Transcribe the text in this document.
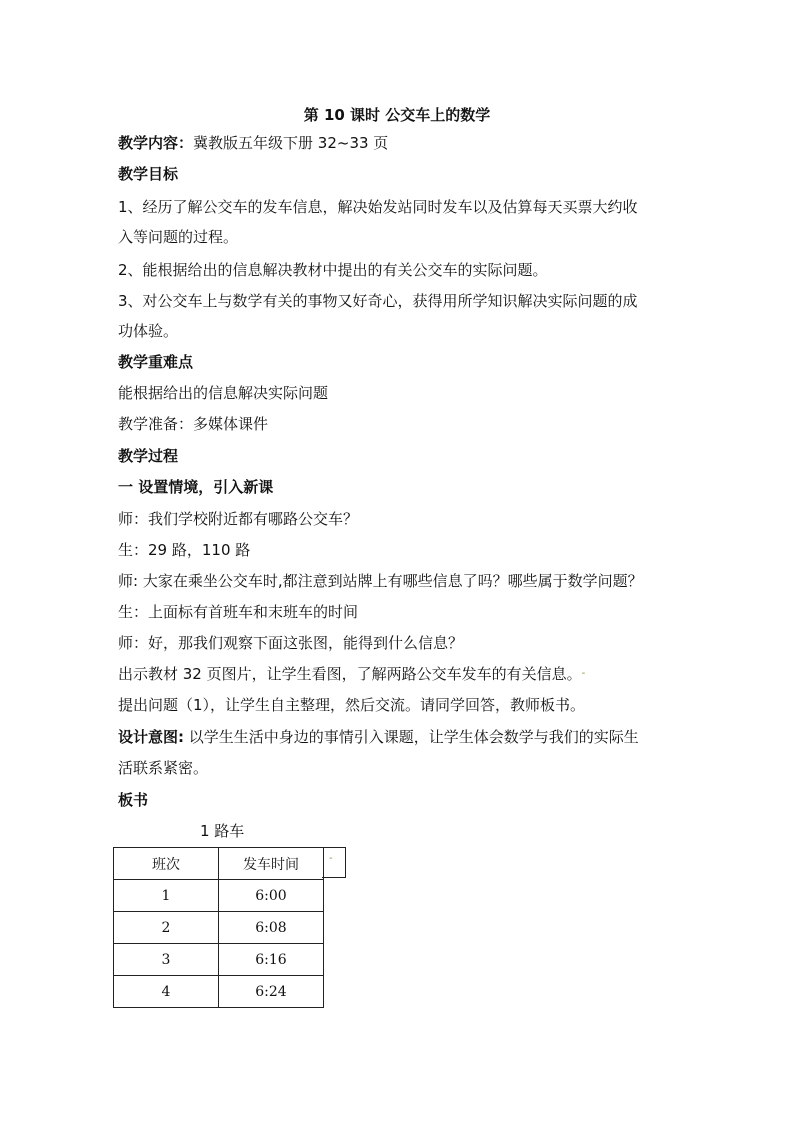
第 10 课时 公交车上的数学
教学内容：冀教版五年级下册 32~33 页
教学目标
1、经历了解公交车的发车信息，解决始发站同时发车以及估算每天买票大约收
入等问题的过程。
2、能根据给出的信息解决教材中提出的有关公交车的实际问题。
3、对公交车上与数学有关的事物又好奇心，获得用所学知识解决实际问题的成
功体验。
教学重难点
能根据给出的信息解决实际问题
教学准备：多媒体课件
教学过程
一 设置情境，引入新课
师：我们学校附近都有哪路公交车？
生：29 路，110 路
师: 大家在乘坐公交车时,都注意到站牌上有哪些信息了吗？哪些属于数学问题？
生：上面标有首班车和末班车的时间
师：好，那我们观察下面这张图，能得到什么信息？
出示教材 32 页图片，让学生看图，了解两路公交车发车的有关信息。-
提出问题（1），让学生自主整理，然后交流。请同学回答，教师板书。
设计意图: 以学生生活中身边的事情引入课题，让学生体会数学与我们的实际生
活联系紧密。
板书
1 路车
班次	发车时间
1	6:00
2	6:08
3	6:16
4	6:24
-
